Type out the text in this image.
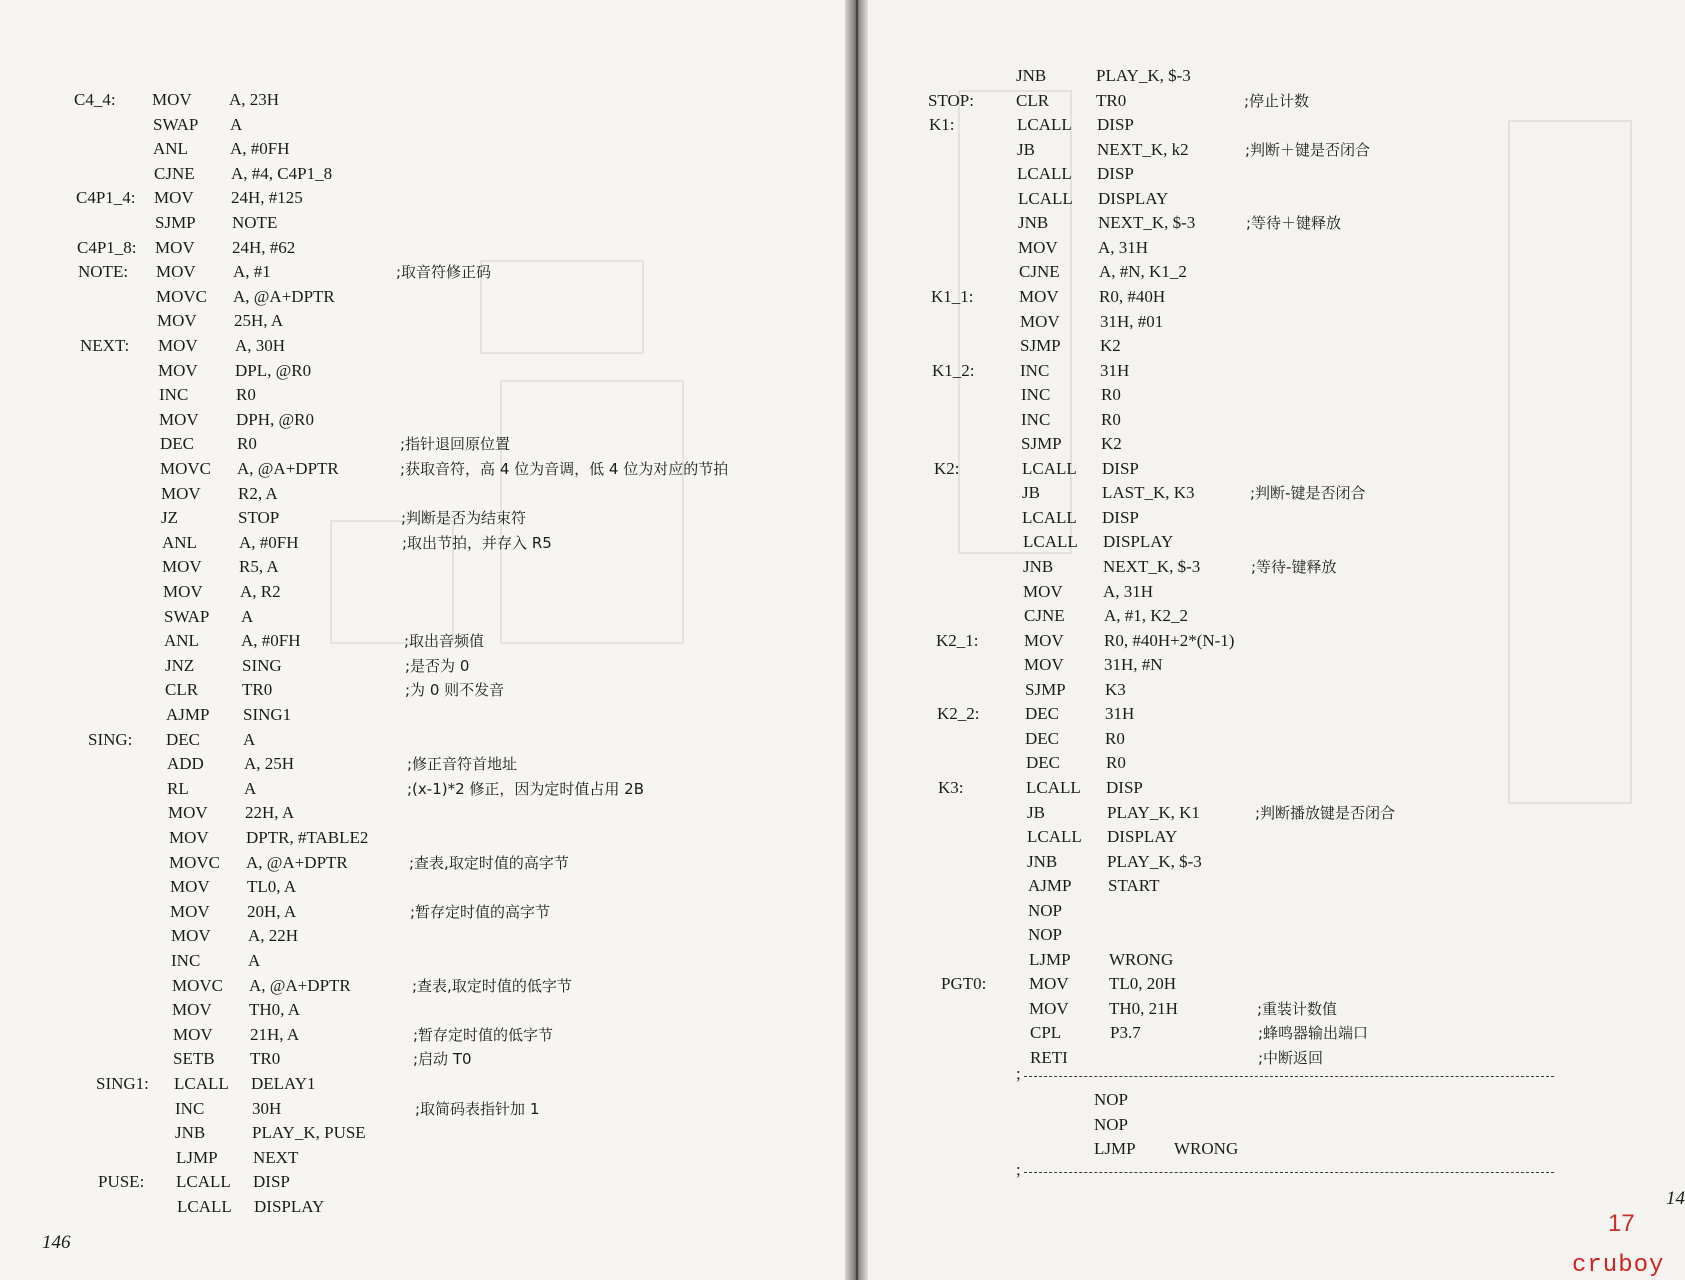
C4_4: MOV A, 23H
SWAP A
ANL A, #0FH
CJNE A, #4, C4P1_8
C4P1_4: MOV 24H, #125
SJMP NOTE
C4P1_8: MOV 24H, #62
NOTE: MOV A, #1	;取音符修正码
MOVC A, @A+DPTR
MOV 25H, A
NEXT: MOV A, 30H
MOV DPL, @R0
INC	R0
MOV DPH, @R0
DEC	R0	;指针退回原位置
MOVC A, @A+DPTR	;获取音符，高 4 位为音调，低 4 位为对应的节拍
MOV R2, A
JZ	STOP	;判断是否为结束符
ANL A, #0FH	;取出节拍，并存入 R5
MOV R5, A
MOV A, R2
SWAP A
ANL A, #0FH	;取出音频值
JNZ	SING	;是否为 0
CLR	TR0	;为 0 则不发音
AJMP SING1
SING: DEC	A
ADD A, 25H	;修正音符首地址
RL	A	;(x-1)*2 修正，因为定时值占用 2B
MOV 22H, A
MOV DPTR, #TABLE2
MOVC A, @A+DPTR	;查表,取定时值的高字节
MOV TL0, A
MOV 20H, A	;暂存定时值的高字节
MOV A, 22H
INC	A
MOVC A, @A+DPTR	;查表,取定时值的低字节
MOV TH0, A
MOV 21H, A	;暂存定时值的低字节
SETB TR0	;启动 T0
SING1: LCALL DELAY1
INC	30H	;取简码表指针加 1
JNB	PLAY_K, PUSE
LJMP NEXT
PUSE: LCALL DISP
LCALL DISPLAY
146
JNB	PLAY_K, $-3
STOP: CLR	TR0	;停止计数
K1:	LCALL DISP
JB	NEXT_K, k2	;判断＋键是否闭合
LCALL DISP
LCALL DISPLAY
JNB	NEXT_K, $-3	;等待＋键释放
MOV A, 31H
CJNE A, #N, K1_2
K1_1:	MOV R0, #40H
MOV 31H, #01
SJMP K2
K1_2:	INC	31H
INC	R0
INC	R0
SJMP K2
K2:	LCALL DISP
JB	LAST_K, K3	;判断-键是否闭合
LCALL DISP
LCALL DISPLAY
JNB	NEXT_K, $-3	;等待-键释放
MOV A, 31H
CJNE A, #1, K2_2
K2_1:	MOV R0, #40H+2*(N-1)
MOV 31H, #N
SJMP K3
K2_2:	DEC	31H
DEC	R0
DEC	R0
K3:	LCALL DISP
JB	PLAY_K, K1	;判断播放键是否闭合
LCALL DISPLAY
JNB	PLAY_K, $-3
AJMP START
NOP
NOP
LJMP WRONG
PGT0:	MOV TL0, 20H
MOV TH0, 21H	;重装计数值
CPL	P3.7	;蜂鸣器输出端口
RETI	;中断返回
;
;
NOP
NOP
LJMP WRONG
14
17
cruboy
